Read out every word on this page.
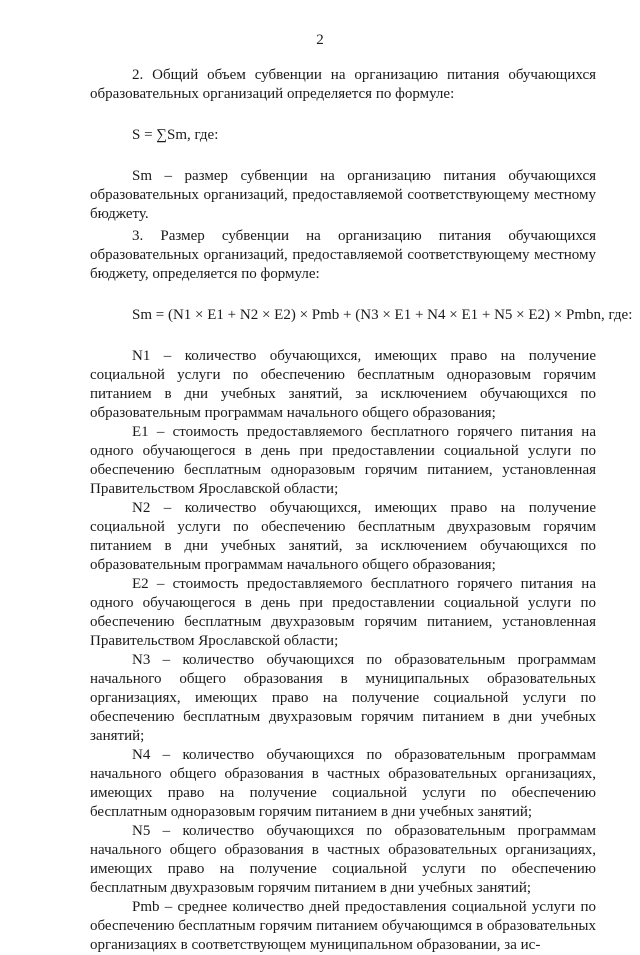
2

2. Общий объем субвенции на организацию питания обучающихся образовательных организаций определяется по формуле:

S = ∑Sm, где:

Sm – размер субвенции на организацию питания обучающихся образовательных организаций, предоставляемой соответствующему местному бюджету.

3. Размер субвенции на организацию питания обучающихся образовательных организаций, предоставляемой соответствующему местному бюджету, определяется по формуле:

Sm = (N1 × E1 + N2 × E2) × Pmb + (N3 × E1 + N4 × E1 + N5 × E2) × Pmbn, где:

N1 – количество обучающихся, имеющих право на получение социальной услуги по обеспечению бесплатным одноразовым горячим питанием в дни учебных занятий, за исключением обучающихся по образовательным программам начального общего образования;

E1 – стоимость предоставляемого бесплатного горячего питания на одного обучающегося в день при предоставлении социальной услуги по обеспечению бесплатным одноразовым горячим питанием, установленная Правительством Ярославской области;

N2 – количество обучающихся, имеющих право на получение социальной услуги по обеспечению бесплатным двухразовым горячим питанием в дни учебных занятий, за исключением обучающихся по образовательным программам начального общего образования;

E2 – стоимость предоставляемого бесплатного горячего питания на одного обучающегося в день при предоставлении социальной услуги по обеспечению бесплатным двухразовым горячим питанием, установленная Правительством Ярославской области;

N3 – количество обучающихся по образовательным программам начального общего образования в муниципальных образовательных организациях, имеющих право на получение социальной услуги по обеспечению бесплатным двухразовым горячим питанием в дни учебных занятий;

N4 – количество обучающихся по образовательным программам начального общего образования в частных образовательных организациях, имеющих право на получение социальной услуги по обеспечению бесплатным одноразовым горячим питанием в дни учебных занятий;

N5 – количество обучающихся по образовательным программам начального общего образования в частных образовательных организациях, имеющих право на получение социальной услуги по обеспечению бесплатным двухразовым горячим питанием в дни учебных занятий;

Pmb – среднее количество дней предоставления социальной услуги по обеспечению бесплатным горячим питанием обучающимся в образовательных организациях в соответствующем муниципальном образовании, за ис-
